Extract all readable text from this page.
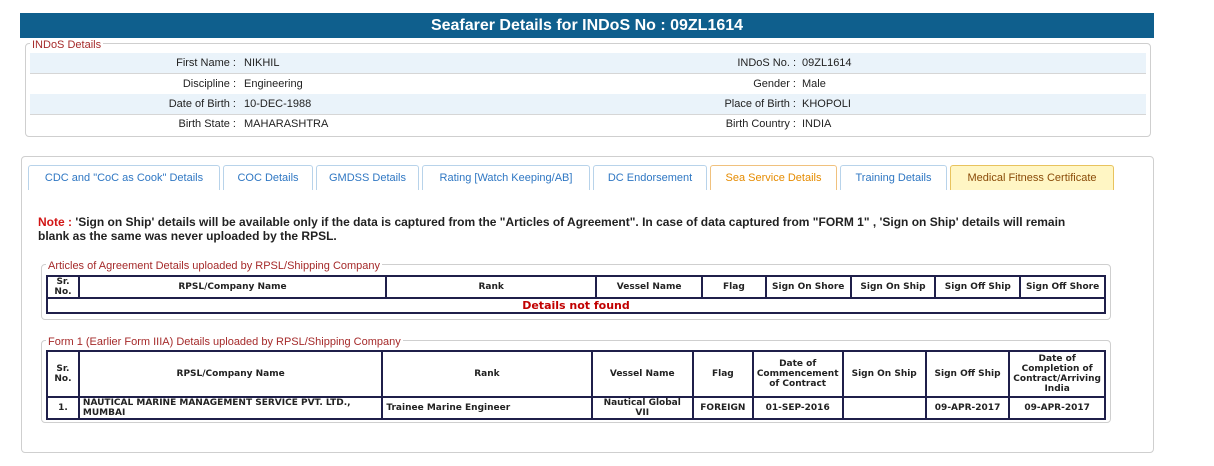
Seafarer Details for INDoS No : 09ZL1614
INDoS Details
First Name : NIKHIL	INDoS No. : 09ZL1614
Discipline : Engineering	Gender : Male
Date of Birth : 10-DEC-1988	Place of Birth : KHOPOLI
Birth State : MAHARASHTRA	Birth Country : INDIA
CDC and "CoC as Cook" Details	COC Details	GMDSS Details	Rating [Watch Keeping/AB]	DC Endorsement	Sea Service Details	Training Details	Medical Fitness Certificate
Note : 'Sign on Ship' details will be available only if the data is captured from the "Articles of Agreement". In case of data captured from "FORM 1" , 'Sign on Ship' details will remain blank as the same was never uploaded by the RPSL.
Articles of Agreement Details uploaded by RPSL/Shipping Company
Sr. No.	RPSL/Company Name	Rank	Vessel Name	Flag	Sign On Shore	Sign On Ship	Sign Off Ship	Sign Off Shore
Details not found
Form 1 (Earlier Form IIIA) Details uploaded by RPSL/Shipping Company
Sr. No.	RPSL/Company Name	Rank	Vessel Name	Flag	Date of Commencement of Contract	Sign On Ship	Sign Off Ship	Date of Completion of Contract/Arriving India
1.	NAUTICAL MARINE MANAGEMENT SERVICE PVT. LTD., MUMBAI	Trainee Marine Engineer	Nautical Global VII	FOREIGN	01-SEP-2016		09-APR-2017	09-APR-2017
